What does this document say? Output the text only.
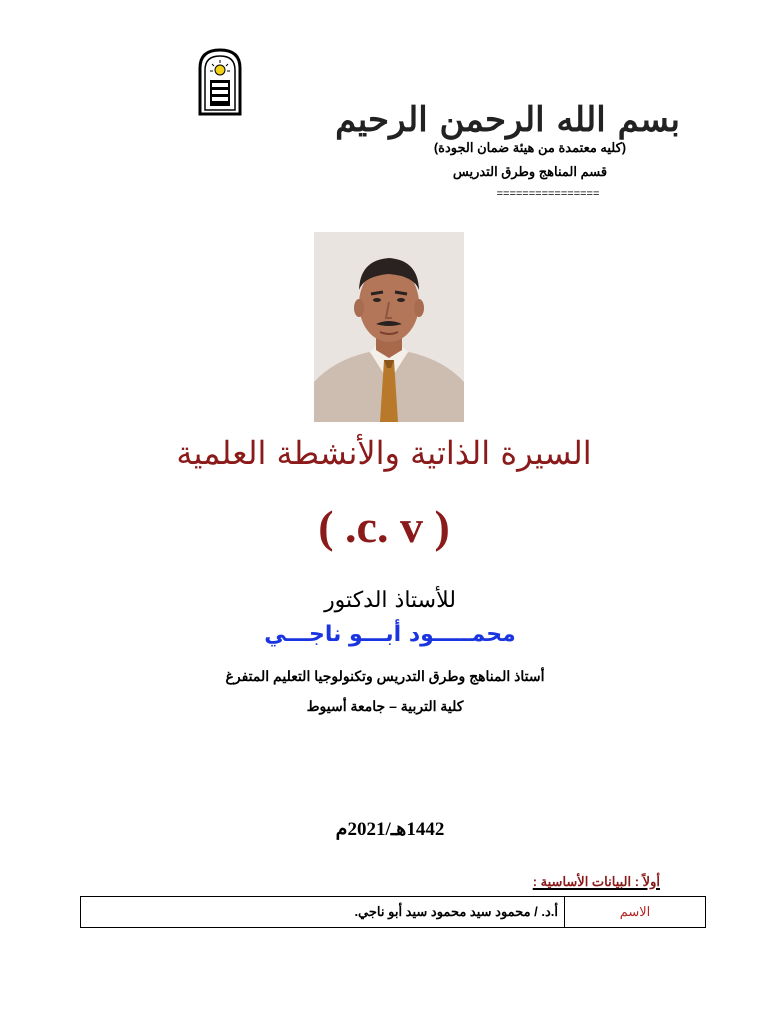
بسم الله الرحمن الرحيم
(كليه معتمدة من هيئة ضمان الجودة)
قسم المناهج وطرق التدريس
================
السيرة الذاتية والأنشطة العلمية
( .c. v )
للأستاذ الدكتور
محمـــــود أبـــو ناجـــي
أستاذ المناهج وطرق التدريس وتكنولوجيا التعليم المتفرغ
كلية التربية – جامعة أسيوط
1442هـ/2021م
أولاً : البيانات الأساسية :
الاسم	أ.د. / محمود سيد محمود سيد أبو ناجي.
